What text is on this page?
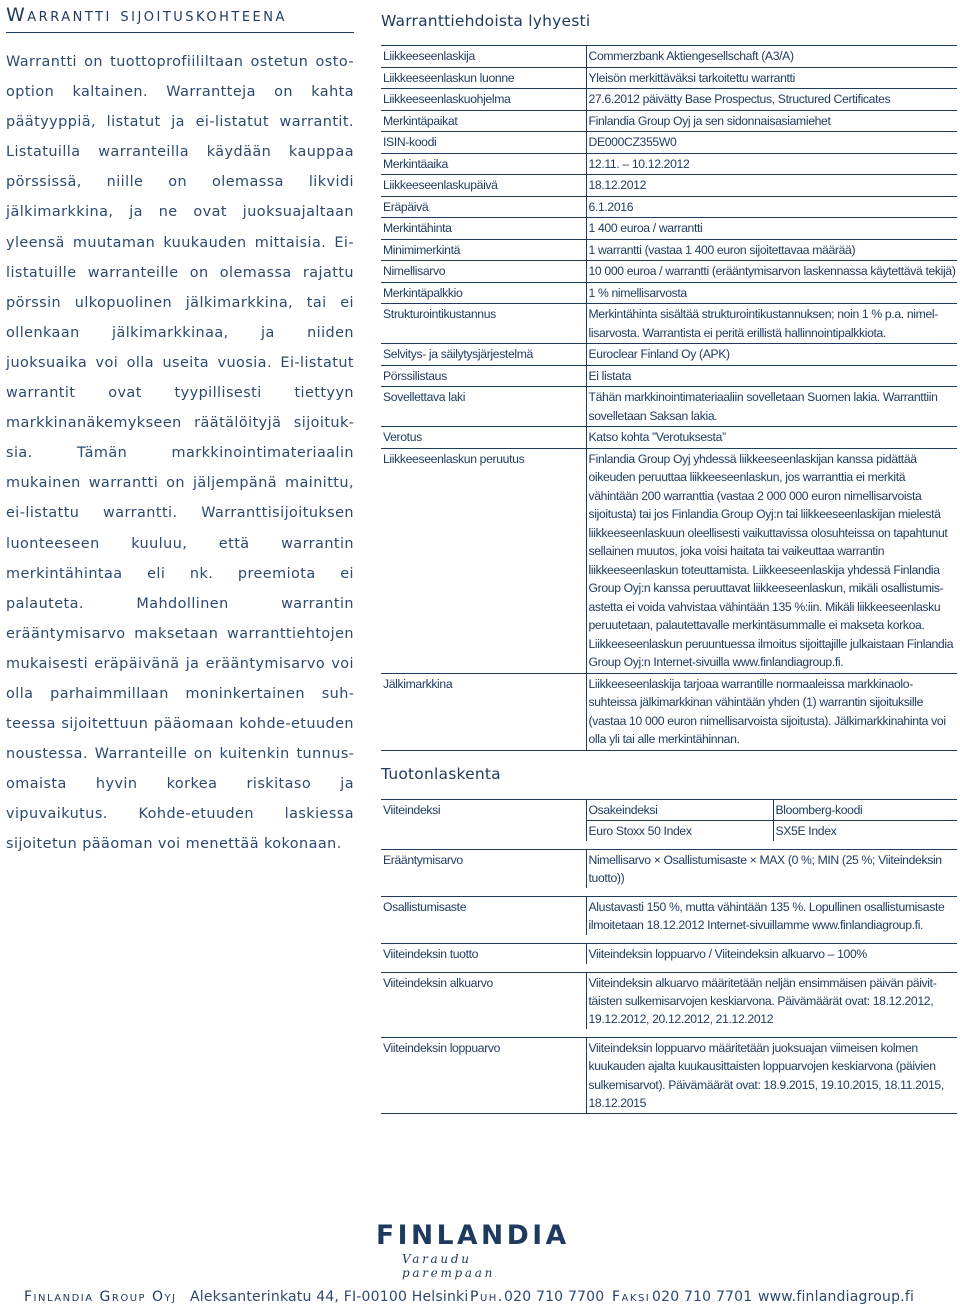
Warrantti sijoituskohteena

Warrantti on tuottoprofiililtaan ostetun osto-option kaltainen. Warrantteja on kahta päätyyppiä, listatut ja ei-listatut warrantit. Listatuilla warranteilla käydään kauppaa pörssissä, niille on olemassa likvidi jälkimarkkina, ja ne ovat juoksuajaltaan yleensä muutaman kuukauden mittaisia. Ei-listatuille warranteille on olemassa rajattu pörssin ulkopuolinen jälkimarkkina, tai ei ollenkaan jälkimarkkinaa, ja niiden juoksuaika voi olla useita vuosia. Ei-listatut warrantit ovat tyypillisesti tiettyyn markkinanäkemykseen räätälöityjä sijoituksia. Tämän markkinointimateriaalin mukainen warrantti on jäljempänä mainittu, ei-listattu warrantti. Warranttisijoituksen luonteeseen kuuluu, että warrantin merkintähintaa eli nk. preemiota ei palauteta. Mahdollinen warrantin erääntymisarvo maksetaan warranttiehtojen mukaisesti eräpäivänä ja erääntymisarvo voi olla parhaimmillaan moninkertainen suhteessa sijoitettuun pääomaan kohde-etuuden noustessa. Warranteille on kuitenkin tunnusomaista hyvin korkea riskitaso ja vipuvaikutus. Kohde-etuuden laskiessa sijoitetun pääoman voi menettää kokonaan.

Warranttiehdoista lyhyesti
Liikkeeseenlaskija	Commerzbank Aktiengesellschaft (A3/A)
Liikkeeseenlaskun luonne	Yleisön merkittäväksi tarkoitettu warrantti
Liikkeeseenlaskuohjelma	27.6.2012 päivätty Base Prospectus, Structured Certificates
Merkintäpaikat	Finlandia Group Oyj ja sen sidonnaisasiamiehet
ISIN-koodi	DE000CZ355W0
Merkintäaika	12.11. – 10.12.2012
Liikkeeseenlaskupäivä	18.12.2012
Eräpäivä	6.1.2016
Merkintähinta	1 400 euroa / warrantti
Minimimerkintä	1 warrantti (vastaa 1 400 euron sijoitettavaa määrää)
Nimellisarvo	10 000 euroa / warrantti (erääntymisarvon laskennassa käytettävä tekijä)
Merkintäpalkkio	1 % nimellisarvosta
Strukturointikustannus	Merkintähinta sisältää strukturointikustannuksen; noin 1 % p.a. nimellisarvosta. Warrantista ei peritä erillistä hallinnointipalkkiota.
Selvitys- ja säilytysjärjestelmä	Euroclear Finland Oy (APK)
Pörssilistaus	Ei listata
Sovellettava laki	Tähän markkinointimateriaaliin sovelletaan Suomen lakia. Warranttiin sovelletaan Saksan lakia.
Verotus	Katso kohta ”Verotuksesta”
Liikkeeseenlaskun peruutus	Finlandia Group Oyj yhdessä liikkeeseenlaskijan kanssa pidättää oikeuden peruuttaa liikkeeseenlaskun, jos warranttia ei merkitä vähintään 200 warranttia (vastaa 2 000 000 euron nimellisarvoista sijoitusta) tai jos Finlandia Group Oyj:n tai liikkeeseenlaskijan mielestä liikkeeseenlaskuun oleellisesti vaikuttavissa olosuhteissa on tapahtunut sellainen muutos, joka voisi haitata tai vaikeuttaa warrantin liikkeeseenlaskun toteuttamista. Liikkeeseenlaskija yhdessä Finlandia Group Oyj:n kanssa peruuttavat liikkeeseenlaskun, mikäli osallistumisastetta ei voida vahvistaa vähintään 135 %:iin. Mikäli liikkeeseenlasku peruutetaan, palautettavalle merkintäsummalle ei makseta korkoa. Liikkeeseenlaskun peruuntuessa ilmoitus sijoittajille julkaistaan Finlandia Group Oyj:n Internet-sivuilla www.finlandiagroup.fi.
Jälkimarkkina	Liikkeeseenlaskija tarjoaa warrantille normaaleissa markkinaolosuhteissa jälkimarkkinan vähintään yhden (1) warrantin sijoituksille (vastaa 10 000 euron nimellisarvoista sijoitusta). Jälkimarkkinahinta voi olla yli tai alle merkintähinnan.
Tuotonlaskenta
Viiteindeksi	Osakeindeksi	Bloomberg-koodi
	Euro Stoxx 50 Index	SX5E Index

Erääntymisarvo	Nimellisarvo × Osallistumisaste × MAX (0 %; MIN (25 %; Viiteindeksin tuotto))	

Osallistumisaste	Alustavasti 150 %, mutta vähintään 135 %. Lopullinen osallistumisaste ilmoitetaan 18.12.2012 Internet-sivuillamme www.finlandiagroup.fi.	

Viiteindeksin tuotto	Viiteindeksin loppuarvo / Viiteindeksin alkuarvo – 100%	

Viiteindeksin alkuarvo	Viiteindeksin alkuarvo määritetään neljän ensimmäisen päivän päivittäisten sulkemisarvojen keskiarvona. Päivämäärät ovat: 18.12.2012, 19.12.2012, 20.12.2012, 21.12.2012	

Viiteindeksin loppuarvo	Viiteindeksin loppuarvo määritetään juoksuajan viimeisen kolmen kuukauden ajalta kuukausittaisten loppuarvojen keskiarvona (päivien sulkemisarvot). Päivämäärät ovat: 18.9.2015, 19.10.2015, 18.11.2015, 18.12.2015	
FINLANDIA
Varaudu parempaan
Finlandia Group Oyj Aleksanterinkatu 44, FI-00100 Helsinki Puh. 020 710 7700 Faksi 020 710 7701 www.finlandiagroup.fi
